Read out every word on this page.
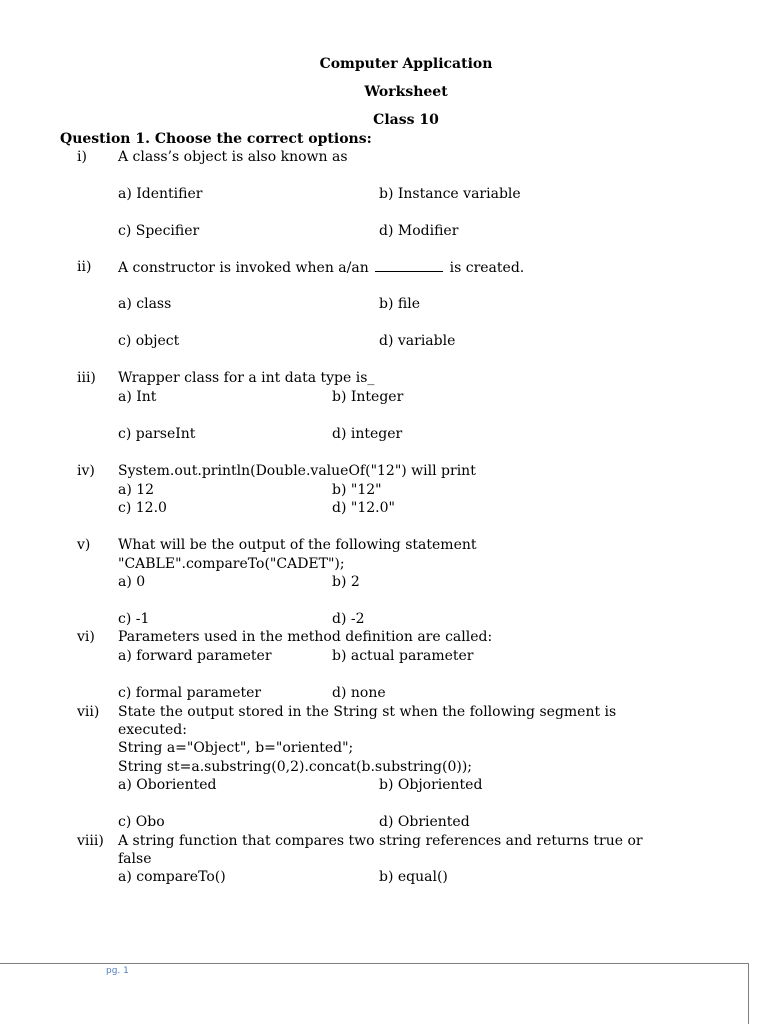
Computer Application
Worksheet
Class 10
Question 1. Choose the correct options:
i) A class’s object is also known as
a) Identifier	b) Instance variable
c) Specifier	d) Modifier
ii) A constructor is invoked when a/an	is created.
a) class	b) file
c) object	d) variable
iii) Wrapper class for a int data type is_
a) Int	b) Integer
c) parseInt	d) integer
iv) System.out.println(Double.valueOf("12") will print
a) 12	b) "12"
c) 12.0	d) "12.0"
v) What will be the output of the following statement
"CABLE".compareTo("CADET");
a) 0	b) 2
c) -1	d) -2
vi) Parameters used in the method definition are called:
a) forward parameter	b) actual parameter
c) formal parameter	d) none
vii) State the output stored in the String st when the following segment is
executed:
String a="Object", b="oriented";
String st=a.substring(0,2).concat(b.substring(0));
a) Oboriented	b) Objoriented
c) Obo	d) Obriented
viii) A string function that compares two string references and returns true or
false
a) compareTo()	b) equal()
pg. 1
